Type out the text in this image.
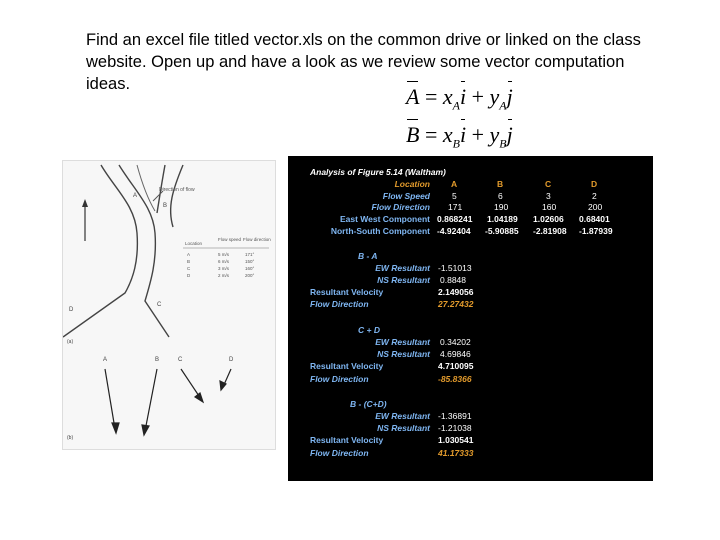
Find an excel file titled vector.xls on the common drive or linked on the class website. Open up and have a look as we review some vector computation ideas.	$A = x_Ai + y_Aj$
$B = x_Bi + y_Bj$
Direction of flow
A
B
C
D
Location
Flow speed Flow direction
A	5 m/s	171°
B	6 m/s	150°
C	3 m/s	160°
D	2 m/s	200°
(a)
(b)
A	B	C	D
Analysis of Figure 5.14 (Waltham)
Location A	B	C	D
Flow Speed	5	6	3	2
Flow Direction 171	190	160	200
East West Component 0.868241 1.04189 1.02606 0.68401
North-South Component -4.92404 -5.90885 -2.81908 -1.87939
B - A
EW Resultant -1.51013
NS Resultant 0.8848
Resultant Velocity	2.149056
Flow Direction	27.27432
C + D
EW Resultant 0.34202
NS Resultant 4.69846
Resultant Velocity	4.710095
Flow Direction	-85.8366
B - (C+D)
EW Resultant -1.36891
NS Resultant -1.21038
Resultant Velocity	1.030541
Flow Direction	41.17333
